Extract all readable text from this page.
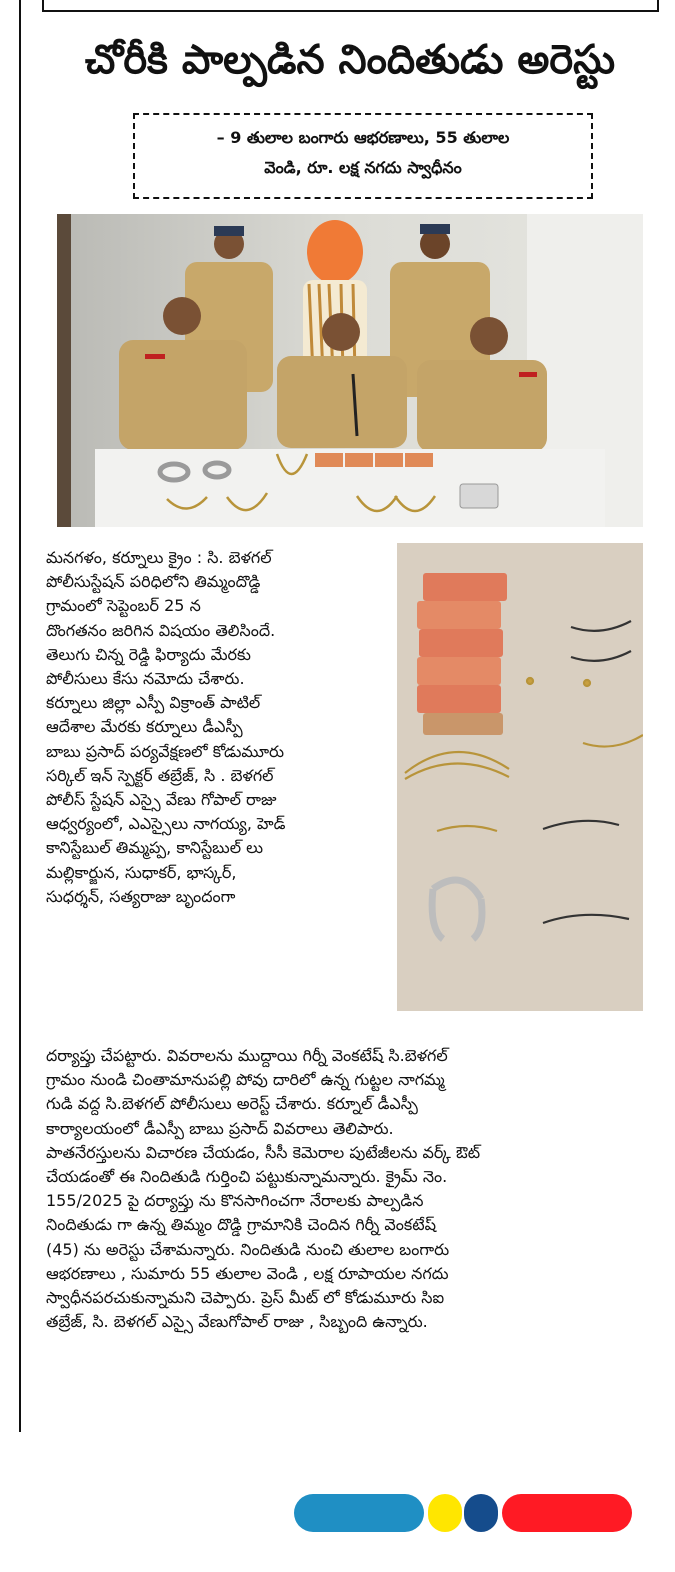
చోరీకి పాల్పడిన నిందితుడు అరెస్టు
– 9 తులాల బంగారు ఆభరణాలు, 55 తులాల
వెండి, రూ. లక్ష నగదు స్వాధీనం
మనగళం, కర్నూలు క్రైం : సి. బెళగల్
పోలీసుస్టేషన్ పరిధిలోని తిమ్మందొడ్డి
గ్రామంలో సెప్టెంబర్ 25 న
దొంగతనం జరిగిన విషయం తెలిసిందే.
తెలుగు చిన్న రెడ్డి ఫిర్యాదు మేరకు
పోలీసులు కేసు నమోదు చేశారు.
కర్నూలు జిల్లా ఎస్పీ విక్రాంత్ పాటిల్
ఆదేశాల మేరకు కర్నూలు డీఎస్పీ
బాబు ప్రసాద్ పర్యవేక్షణలో కోడుమూరు
సర్కిల్ ఇన్ స్పెక్టర్ తబ్రేజ్, సి . బెళగల్
పోలీస్ స్టేషన్ ఎస్సై వేణు గోపాల్ రాజు
ఆధ్వర్యంలో, ఎఎస్సైలు నాగయ్య, హెడ్
కానిస్టేబుల్ తిమ్మప్ప, కానిస్టేబుల్ లు
మల్లికార్జున, సుధాకర్, భాస్కర్,
సుధర్శన్, సత్యరాజు బృందంగా
దర్యాప్తు చేపట్టారు. వివరాలను ముద్దాయి గిర్నీ వెంకటేష్ సి.బెళగల్
గ్రామం నుండి చింతామానుపల్లి పోవు దారిలో ఉన్న గుట్టల నాగమ్మ
గుడి వద్ద సి.బెళగల్ పోలీసులు అరెస్ట్ చేశారు. కర్నూల్ డీఎస్పీ
కార్యాలయంలో డీఎస్పీ బాబు ప్రసాద్ వివరాలు తెలిపారు.
పాతనేరస్తులను విచారణ చేయడం, సీసీ కెమెరాల పుటేజీలను వర్క్ ఔట్
చేయడంతో ఈ నిందితుడి గుర్తించి పట్టుకున్నామన్నారు. క్రైమ్ నెం.
155/2025 పై దర్యాప్తు ను కొనసాగించగా నేరాలకు పాల్పడిన
నిందితుడు గా ఉన్న తిమ్మం దొడ్డి గ్రామానికి చెందిన గిర్నీ వెంకటేష్
(45) ను అరెస్టు చేశామన్నారు. నిందితుడి నుంచి తులాల బంగారు
ఆభరణాలు , సుమారు 55 తులాల వెండి , లక్ష రూపాయల నగదు
స్వాధీనపరచుకున్నామని చెప్పారు. ప్రెస్ మీట్ లో కోడుమూరు సిఐ
తబ్రేజ్, సి. బెళగల్ ఎస్సై వేణుగోపాల్ రాజు , సిబ్బంది ఉన్నారు.
